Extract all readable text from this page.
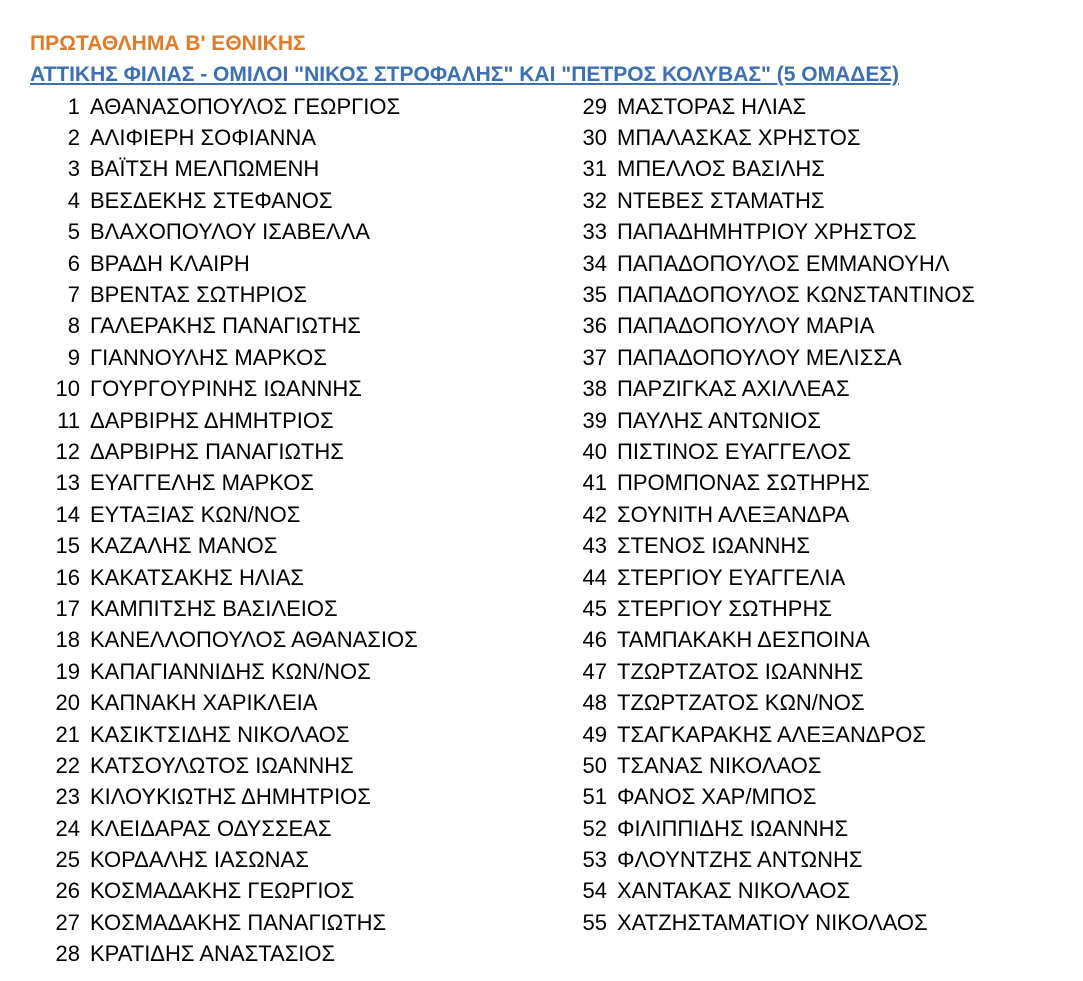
ΠΡΩΤΑΘΛΗΜΑ Β' ΕΘΝΙΚΗΣ
ΑΤΤΙΚΗΣ ΦΙΛΙΑΣ - ΟΜΙΛΟΙ "ΝΙΚΟΣ ΣΤΡΟΦΑΛΗΣ" ΚΑΙ "ΠΕΤΡΟΣ ΚΟΛΥΒΑΣ" (5 ΟΜΑΔΕΣ)
1 ΑΘΑΝΑΣΟΠΟΥΛΟΣ ΓΕΩΡΓΙΟΣ
2 ΑΛΙΦΙΕΡΗ ΣΟΦΙΑΝΝΑ
3 ΒΑΪΤΣΗ ΜΕΛΠΩΜΕΝΗ
4 ΒΕΣΔΕΚΗΣ ΣΤΕΦΑΝΟΣ
5 ΒΛΑΧΟΠΟΥΛΟΥ ΙΣΑΒΕΛΛΑ
6 ΒΡΑΔΗ ΚΛΑΙΡΗ
7 ΒΡΕΝΤΑΣ ΣΩΤΗΡΙΟΣ
8 ΓΑΛΕΡΑΚΗΣ ΠΑΝΑΓΙΩΤΗΣ
9 ΓΙΑΝΝΟΥΛΗΣ ΜΑΡΚΟΣ
10 ΓΟΥΡΓΟΥΡΙΝΗΣ ΙΩΑΝΝΗΣ
11 ΔΑΡΒΙΡΗΣ ΔΗΜΗΤΡΙΟΣ
12 ΔΑΡΒΙΡΗΣ ΠΑΝΑΓΙΩΤΗΣ
13 ΕΥΑΓΓΕΛΗΣ ΜΑΡΚΟΣ
14 ΕΥΤΑΞΙΑΣ ΚΩΝ/ΝΟΣ
15 ΚΑΖΑΛΗΣ ΜΑΝΟΣ
16 ΚΑΚΑΤΣΑΚΗΣ ΗΛΙΑΣ
17 ΚΑΜΠΙΤΣΗΣ ΒΑΣΙΛΕΙΟΣ
18 ΚΑΝΕΛΛΟΠΟΥΛΟΣ ΑΘΑΝΑΣΙΟΣ
19 ΚΑΠΑΓΙΑΝΝΙΔΗΣ ΚΩΝ/ΝΟΣ
20 ΚΑΠΝΑΚΗ ΧΑΡΙΚΛΕΙΑ
21 ΚΑΣΙΚΤΣΙΔΗΣ ΝΙΚΟΛΑΟΣ
22 ΚΑΤΣΟΥΛΩΤΟΣ ΙΩΑΝΝΗΣ
23 ΚΙΛΟΥΚΙΩΤΗΣ ΔΗΜΗΤΡΙΟΣ
24 ΚΛΕΙΔΑΡΑΣ ΟΔΥΣΣΕΑΣ
25 ΚΟΡΔΑΛΗΣ ΙΑΣΩΝΑΣ
26 ΚΟΣΜΑΔΑΚΗΣ ΓΕΩΡΓΙΟΣ
27 ΚΟΣΜΑΔΑΚΗΣ ΠΑΝΑΓΙΩΤΗΣ
28 ΚΡΑΤΙΔΗΣ ΑΝΑΣΤΑΣΙΟΣ
29 ΜΑΣΤΟΡΑΣ ΗΛΙΑΣ
30 ΜΠΑΛΑΣΚΑΣ ΧΡΗΣΤΟΣ
31 ΜΠΕΛΛΟΣ ΒΑΣΙΛΗΣ
32 ΝΤΕΒΕΣ ΣΤΑΜΑΤΗΣ
33 ΠΑΠΑΔΗΜΗΤΡΙΟΥ ΧΡΗΣΤΟΣ
34 ΠΑΠΑΔΟΠΟΥΛΟΣ ΕΜΜΑΝΟΥΗΛ
35 ΠΑΠΑΔΟΠΟΥΛΟΣ ΚΩΝΣΤΑΝΤΙΝΟΣ
36 ΠΑΠΑΔΟΠΟΥΛΟΥ ΜΑΡΙΑ
37 ΠΑΠΑΔΟΠΟΥΛΟΥ ΜΕΛΙΣΣΑ
38 ΠΑΡΖΙΓΚΑΣ ΑΧΙΛΛΕΑΣ
39 ΠΑΥΛΗΣ ΑΝΤΩΝΙΟΣ
40 ΠΙΣΤΙΝΟΣ ΕΥΑΓΓΕΛΟΣ
41 ΠΡΟΜΠΟΝΑΣ ΣΩΤΗΡΗΣ
42 ΣΟΥΝΙΤΗ ΑΛΕΞΑΝΔΡΑ
43 ΣΤΕΝΟΣ ΙΩΑΝΝΗΣ
44 ΣΤΕΡΓΙΟΥ ΕΥΑΓΓΕΛΙΑ
45 ΣΤΕΡΓΙΟΥ ΣΩΤΗΡΗΣ
46 ΤΑΜΠΑΚΑΚΗ ΔΕΣΠΟΙΝΑ
47 ΤΖΩΡΤΖΑΤΟΣ ΙΩΑΝΝΗΣ
48 ΤΖΩΡΤΖΑΤΟΣ ΚΩΝ/ΝΟΣ
49 ΤΣΑΓΚΑΡΑΚΗΣ ΑΛΕΞΑΝΔΡΟΣ
50 ΤΣΑΝΑΣ ΝΙΚΟΛΑΟΣ
51 ΦΑΝΟΣ ΧΑΡ/ΜΠΟΣ
52 ΦΙΛΙΠΠΙΔΗΣ ΙΩΑΝΝΗΣ
53 ΦΛΟΥΝΤΖΗΣ ΑΝΤΩΝΗΣ
54 ΧΑΝΤΑΚΑΣ ΝΙΚΟΛΑΟΣ
55 ΧΑΤΖΗΣΤΑΜΑΤΙΟΥ ΝΙΚΟΛΑΟΣ
